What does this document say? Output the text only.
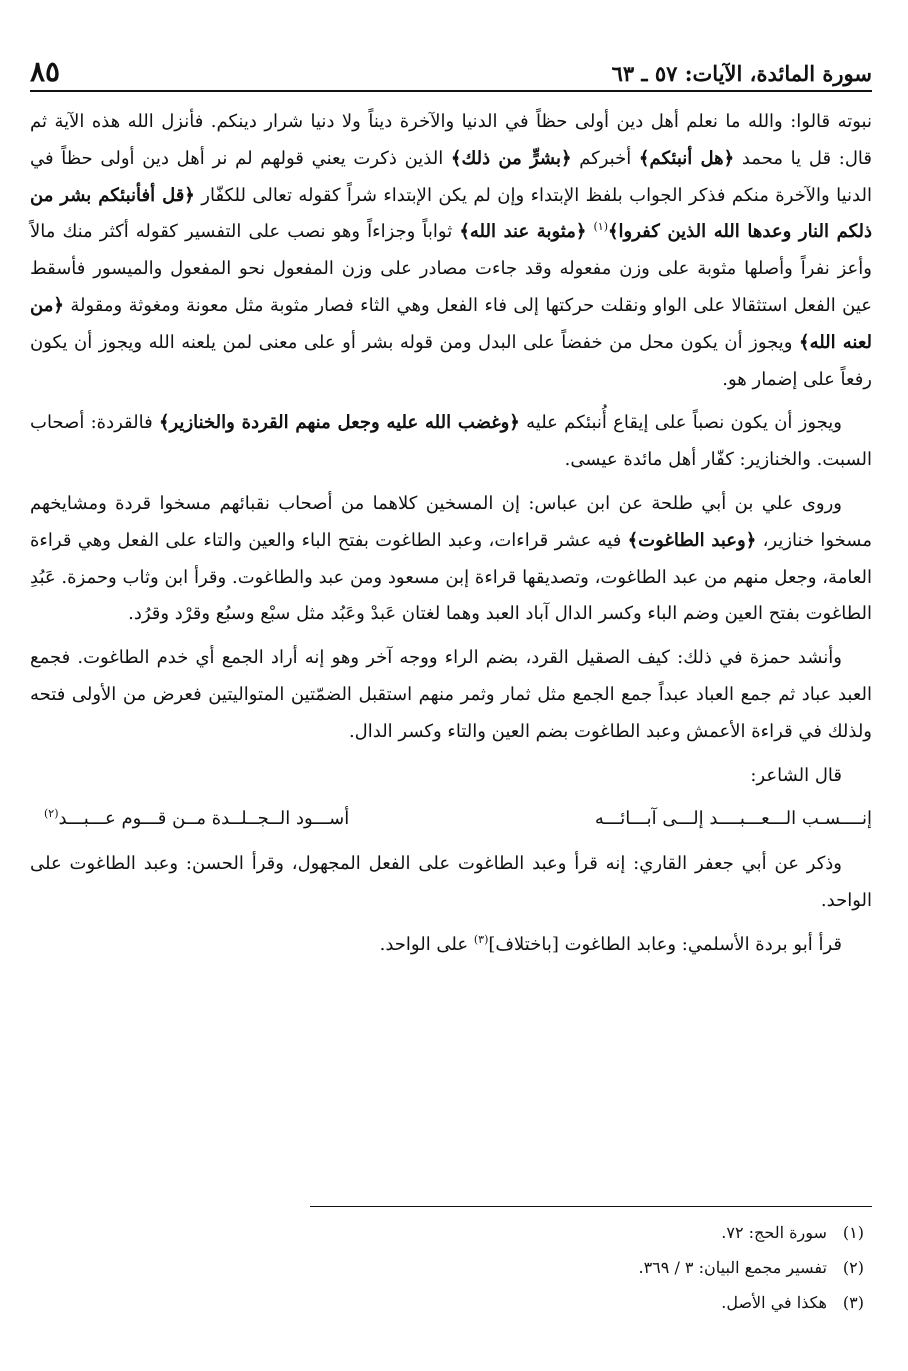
سورة المائدة، الآيات: ٥٧ ـ ٦٣
٨٥

نبوته قالوا: والله ما نعلم أهل دين أولى حظاً في الدنيا والآخرة ديناً ولا دنيا شرار دينكم. فأنزل الله هذه الآية ثم قال: قل يا محمد ﴿هل أنبئكم﴾ أخبركم ﴿بشرٍّ من ذلك﴾ الذين ذكرت يعني قولهم لم نر أهل دين أولى حظاً في الدنيا والآخرة منكم فذكر الجواب بلفظ الإبتداء وإن لم يكن الإبتداء شراً كقوله تعالى للكفّار ﴿قل أفأنبئكم بشر من ذلكم النار وعدها الله الذين كفروا﴾$^{(١)}$ ﴿مثوبة عند الله﴾ ثواباً وجزاءاً وهو نصب على التفسير كقوله أكثر منك مالاً وأعز نفراً وأصلها مثوبة على وزن مفعوله وقد جاءت مصادر على وزن المفعول نحو المفعول والميسور فأسقط عين الفعل استثقالا على الواو ونقلت حركتها إلى فاء الفعل وهي الثاء فصار مثوبة مثل معونة ومغوثة ومقولة ﴿من لعنه الله﴾ ويجوز أن يكون محل من خفضاً على البدل ومن قوله بشر أو على معنى لمن يلعنه الله ويجوز أن يكون رفعاً على إضمار هو.

ويجوز أن يكون نصباً على إيقاع أُنبئكم عليه ﴿وغضب الله عليه وجعل منهم القردة والخنازير﴾ فالقردة: أصحاب السبت. والخنازير: كفّار أهل مائدة عيسى.

وروى علي بن أبي طلحة عن ابن عباس: إن المسخين كلاهما من أصحاب نقبائهم مسخوا قردة ومشايخهم مسخوا خنازير، ﴿وعبد الطاغوت﴾ فيه عشر قراءات، وعبد الطاغوت بفتح الباء والعين والتاء على الفعل وهي قراءة العامة، وجعل منهم من عبد الطاغوت، وتصديقها قراءة إبن مسعود ومن عبد والطاغوت. وقرأ ابن وثاب وحمزة. عَبُدِ الطاغوت بفتح العين وضم الباء وكسر الدال آباد العبد وهما لغتان عَبدْ وعَبُد مثل سبْع وسبُع وقرْد وقرُد.

وأنشد حمزة في ذلك: كيف الصقيل القرد، بضم الراء ووجه آخر وهو إنه أراد الجمع أي خدم الطاغوت. فجمع العبد عباد ثم جمع العباد عبداً جمع الجمع مثل ثمار وثمر منهم استقبل الضمّتين المتواليتين فعرض من الأولى فتحه ولذلك في قراءة الأعمش وعبد الطاغوت بضم العين والتاء وكسر الدال.

قال الشاعر:

إنــــسـب الـــعـــبــــد إلـــى آبـــائـــه
أســـود الــجــلــدة مــن قـــوم عـــبـــد$^{(٢)}$

وذكر عن أبي جعفر القاري: إنه قرأ وعبد الطاغوت على الفعل المجهول، وقرأ الحسن: وعبد الطاغوت على الواحد.

قرأ أبو بردة الأسلمي: وعابد الطاغوت [باختلاف]$^{(٣)}$ على الواحد.

(١)
سورة الحج: ٧٢.
(٢)
تفسير مجمع البيان: ٣ / ٣٦٩.
(٣)
هكذا في الأصل.
